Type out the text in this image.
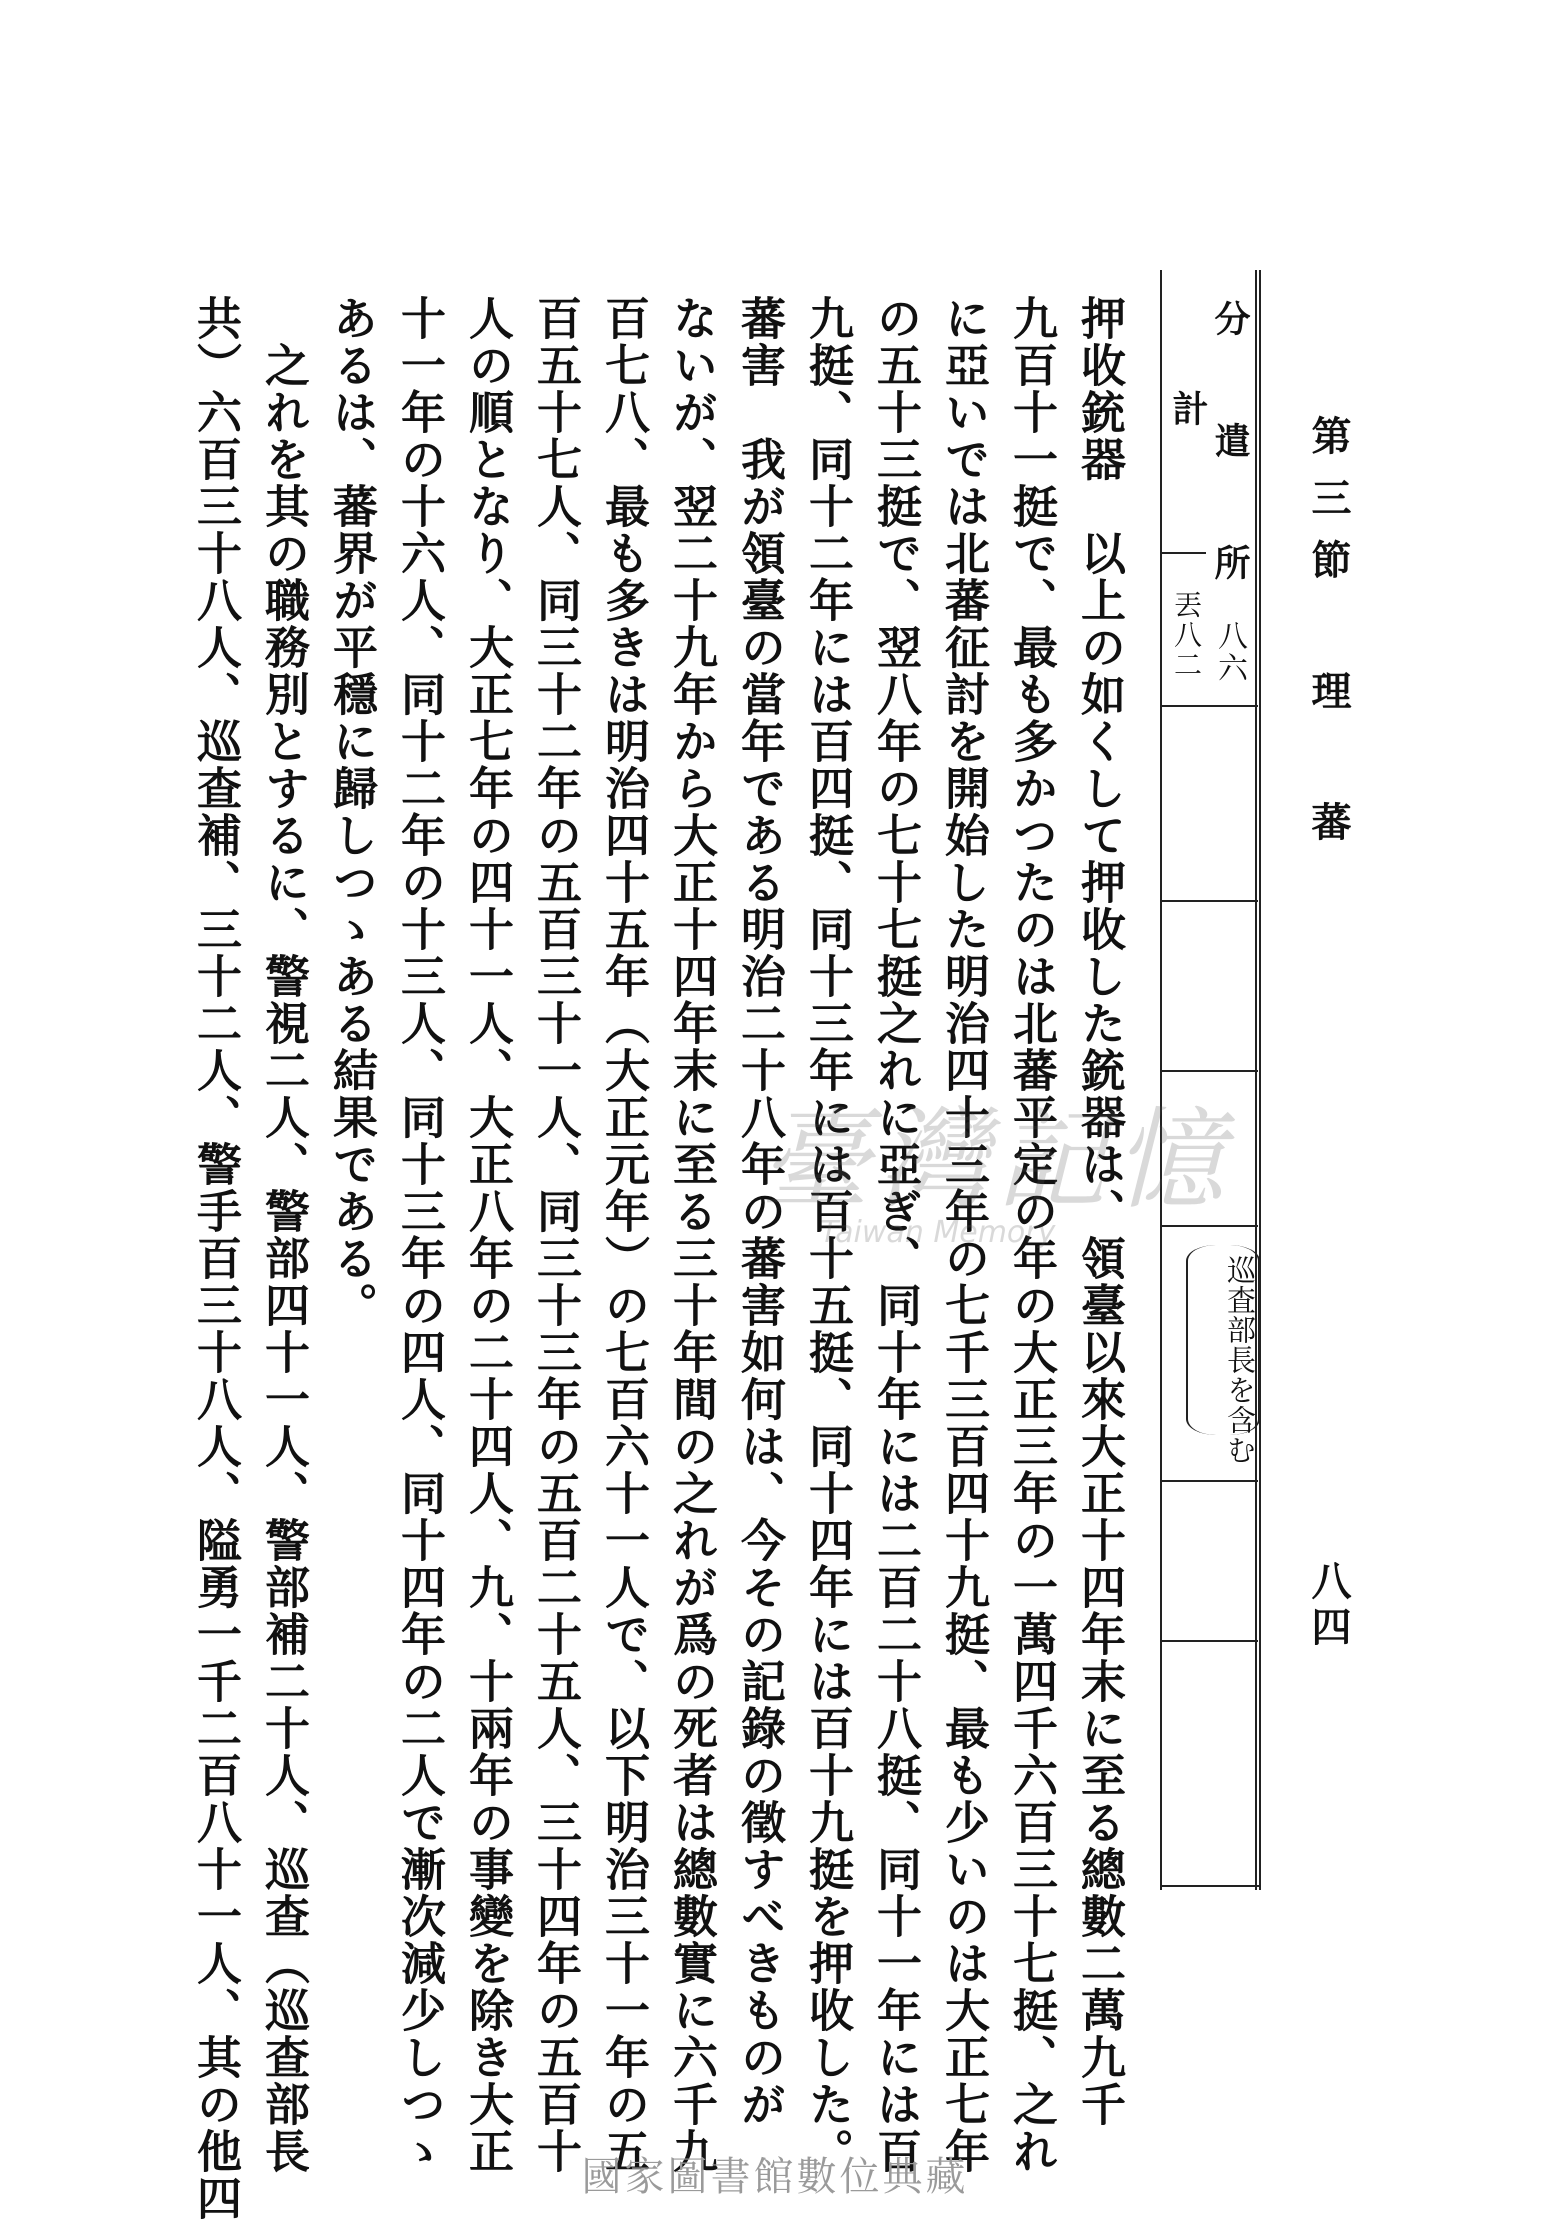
第三節 理 蕃
八四
分 遣 所
八六
計
丟八二
巡査部長を含む
押收銃器　以上の如くして押收した銃器は、領臺以來大正十四年末に至る總數二萬九千
九百十一挺で、最も多かつたのは北蕃平定の年の大正三年の一萬四千六百三十七挺、之れ
に亞いでは北蕃征討を開始した明治四十三年の七千三百四十九挺、最も少いのは大正七年
の五十三挺で、翌八年の七十七挺之れに亞ぎ、同十年には二百二十八挺、同十一年には百
九挺、同十二年には百四挺、同十三年には百十五挺、同十四年には百十九挺を押收した。
蕃害　我が領臺の當年である明治二十八年の蕃害如何は、今その記錄の徵すべきものが
ないが、翌二十九年から大正十四年末に至る三十年間の之れが爲の死者は總數實に六千九
百七八、最も多きは明治四十五年（大正元年）の七百六十一人で、以下明治三十一年の五
百五十七人、同三十二年の五百三十一人、同三十三年の五百二十五人、三十四年の五百十
人の順となり、大正七年の四十一人、大正八年の二十四人、九、十兩年の事變を除き大正
十一年の十六人、同十二年の十三人、同十三年の四人、同十四年の二人で漸次減少しつゝ
あるは、蕃界が平穩に歸しつゝある結果である。
　之れを其の職務別とするに、警視二人、警部四十一人、警部補二十人、巡查（巡查部長
共）六百三十八人、巡查補、三十二人、警手百三十八人、隘勇一千二百八十一人、其の他四	臺灣記憶
Taiwan Memory
國家圖書館數位典藏
